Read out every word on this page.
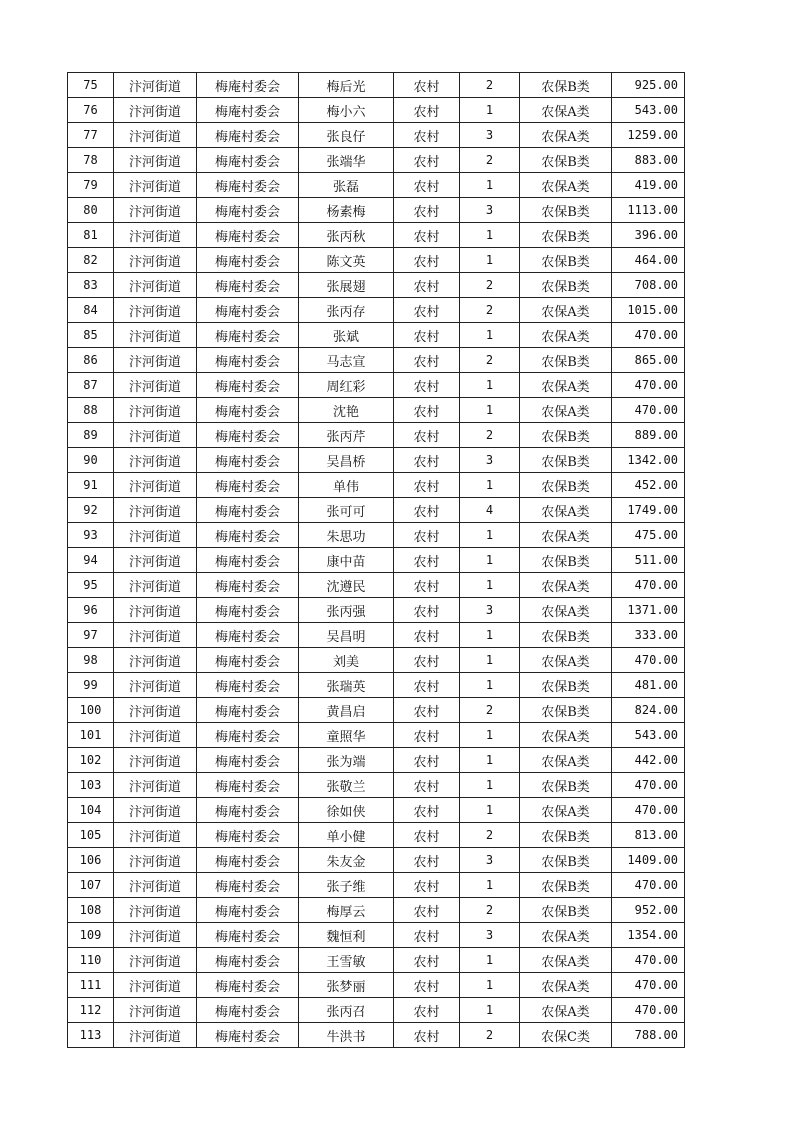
75	汴河街道	梅庵村委会	梅后光	农村	2	农保B类	925.00
76	汴河街道	梅庵村委会	梅小六	农村	1	农保A类	543.00
77	汴河街道	梅庵村委会	张良仔	农村	3	农保A类	1259.00
78	汴河街道	梅庵村委会	张端华	农村	2	农保B类	883.00
79	汴河街道	梅庵村委会	张磊	农村	1	农保A类	419.00
80	汴河街道	梅庵村委会	杨素梅	农村	3	农保B类	1113.00
81	汴河街道	梅庵村委会	张丙秋	农村	1	农保B类	396.00
82	汴河街道	梅庵村委会	陈文英	农村	1	农保B类	464.00
83	汴河街道	梅庵村委会	张展翅	农村	2	农保B类	708.00
84	汴河街道	梅庵村委会	张丙存	农村	2	农保A类	1015.00
85	汴河街道	梅庵村委会	张斌	农村	1	农保A类	470.00
86	汴河街道	梅庵村委会	马志宣	农村	2	农保B类	865.00
87	汴河街道	梅庵村委会	周红彩	农村	1	农保A类	470.00
88	汴河街道	梅庵村委会	沈艳	农村	1	农保A类	470.00
89	汴河街道	梅庵村委会	张丙芹	农村	2	农保B类	889.00
90	汴河街道	梅庵村委会	吴昌桥	农村	3	农保B类	1342.00
91	汴河街道	梅庵村委会	单伟	农村	1	农保B类	452.00
92	汴河街道	梅庵村委会	张可可	农村	4	农保A类	1749.00
93	汴河街道	梅庵村委会	朱思功	农村	1	农保A类	475.00
94	汴河街道	梅庵村委会	康中苗	农村	1	农保B类	511.00
95	汴河街道	梅庵村委会	沈遵民	农村	1	农保A类	470.00
96	汴河街道	梅庵村委会	张丙强	农村	3	农保A类	1371.00
97	汴河街道	梅庵村委会	吴昌明	农村	1	农保B类	333.00
98	汴河街道	梅庵村委会	刘美	农村	1	农保A类	470.00
99	汴河街道	梅庵村委会	张瑞英	农村	1	农保B类	481.00
100	汴河街道	梅庵村委会	黄昌启	农村	2	农保B类	824.00
101	汴河街道	梅庵村委会	童照华	农村	1	农保A类	543.00
102	汴河街道	梅庵村委会	张为端	农村	1	农保A类	442.00
103	汴河街道	梅庵村委会	张敬兰	农村	1	农保B类	470.00
104	汴河街道	梅庵村委会	徐如侠	农村	1	农保A类	470.00
105	汴河街道	梅庵村委会	单小健	农村	2	农保B类	813.00
106	汴河街道	梅庵村委会	朱友金	农村	3	农保B类	1409.00
107	汴河街道	梅庵村委会	张子维	农村	1	农保B类	470.00
108	汴河街道	梅庵村委会	梅厚云	农村	2	农保B类	952.00
109	汴河街道	梅庵村委会	魏恒利	农村	3	农保A类	1354.00
110	汴河街道	梅庵村委会	王雪敏	农村	1	农保A类	470.00
111	汴河街道	梅庵村委会	张梦丽	农村	1	农保A类	470.00
112	汴河街道	梅庵村委会	张丙召	农村	1	农保A类	470.00
113	汴河街道	梅庵村委会	牛洪书	农村	2	农保C类	788.00
